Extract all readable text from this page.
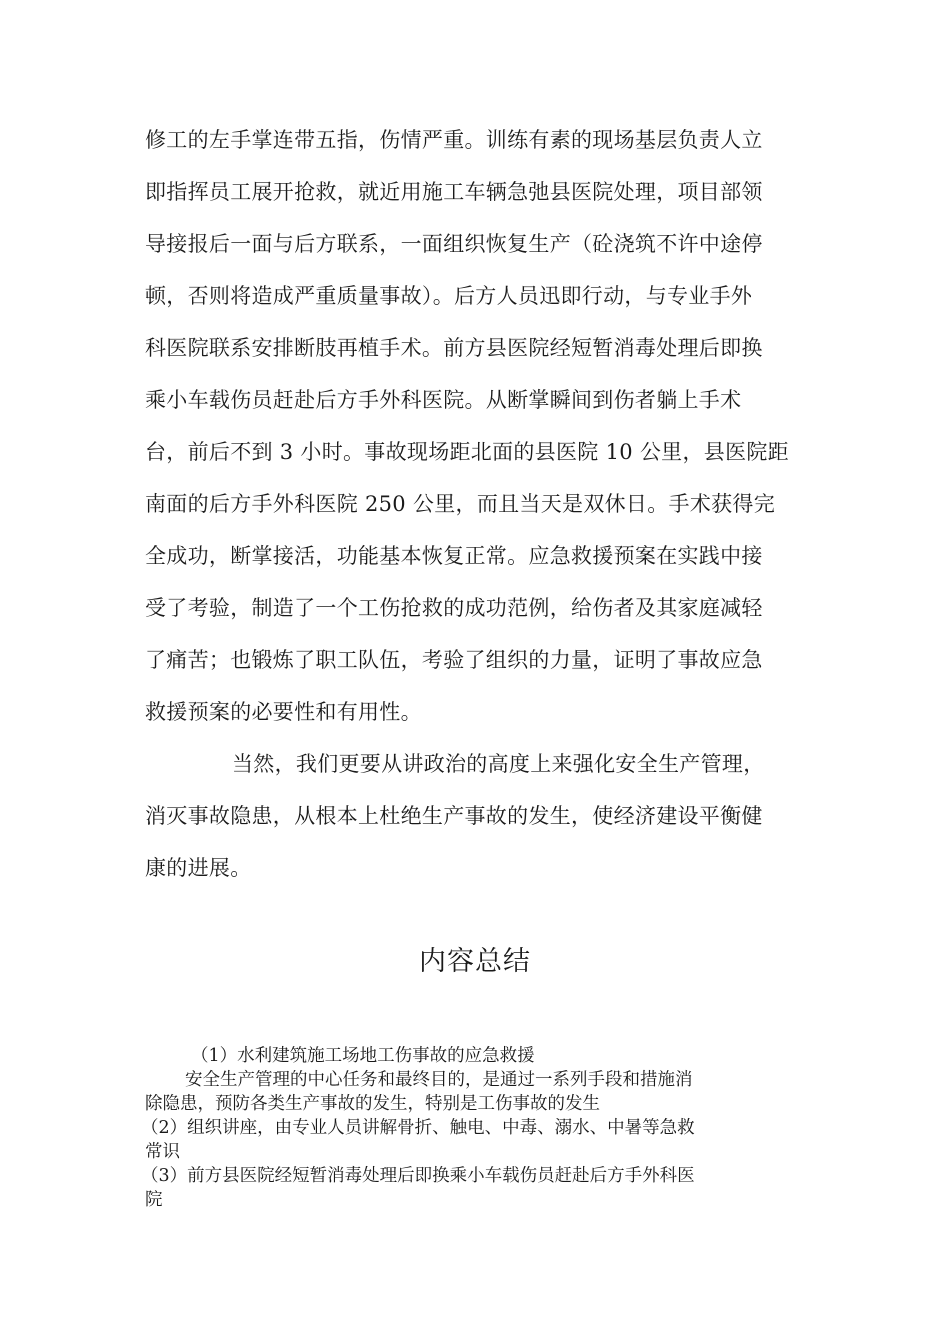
修工的左手掌连带五指，伤情严重。训练有素的现场基层负责人立
即指挥员工展开抢救，就近用施工车辆急弛县医院处理，项目部领
导接报后一面与后方联系，一面组织恢复生产（砼浇筑不许中途停
顿，否则将造成严重质量事故）。后方人员迅即行动，与专业手外
科医院联系安排断肢再植手术。前方县医院经短暂消毒处理后即换
乘小车载伤员赶赴后方手外科医院。从断掌瞬间到伤者躺上手术
台，前后不到 3 小时。事故现场距北面的县医院 10 公里，县医院距
南面的后方手外科医院 250 公里，而且当天是双休日。手术获得完
全成功，断掌接活，功能基本恢复正常。应急救援预案在实践中接
受了考验，制造了一个工伤抢救的成功范例，给伤者及其家庭减轻
了痛苦；也锻炼了职工队伍，考验了组织的力量，证明了事故应急
救援预案的必要性和有用性。
当然，我们更要从讲政治的高度上来强化安全生产管理，
消灭事故隐患，从根本上杜绝生产事故的发生，使经济建设平衡健
康的进展。
内容总结
（1）水利建筑施工场地工伤事故的应急救援
安全生产管理的中心任务和最终目的，是通过一系列手段和措施消
除隐患，预防各类生产事故的发生，特别是工伤事故的发生
（2）组织讲座，由专业人员讲解骨折、触电、中毒、溺水、中暑等急救
常识
（3）前方县医院经短暂消毒处理后即换乘小车载伤员赶赴后方手外科医
院
